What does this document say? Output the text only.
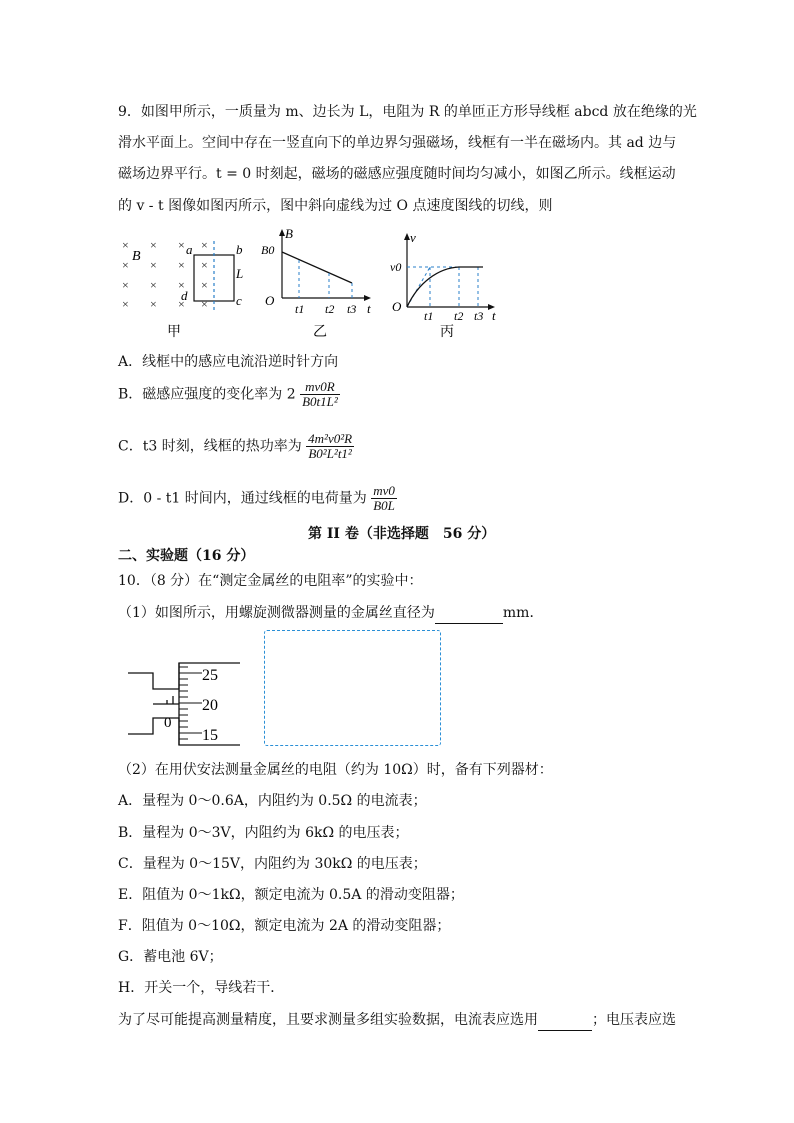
9．如图甲所示，一质量为 m、边长为 L，电阻为 R 的单匝正方形导线框 abcd 放在绝缘的光
滑水平面上。空间中存在一竖直向下的单边界匀强磁场，线框有一半在磁场内。其 ad 边与
磁场边界平行。t = 0 时刻起，磁场的磁感应强度随时间均匀减小，如图乙所示。线框运动
的 v - t 图像如图丙所示，图中斜向虚线为过 O 点速度图线的切线，则
× × × ×
× × × ×
× × × ×
× × × ×
B	a	b
c
d
L
甲
B
B0
O
t1 t2 t3 t
乙
v
v0
O
t1 t2 t3 t
丙
A．线框中的感应电流沿逆时针方向
B．磁感应强度的变化率为 $2 \frac{mv0R}{\text{B0t1L²}}$
C．t3 时刻，线框的热功率为 $\frac{\text{4m²v0²R}}{\text{B0²L²t1²}}$
D．0 - t1 时间内，通过线框的电荷量为 $\frac{mv0}{B0L}$
第 II 卷（非选择题　56 分）
二、实验题（16 分）
10．（8 分）在“测定金属丝的电阻率”的实验中：
（1）如图所示，用螺旋测微器测量的金属丝直径为	mm．
25
20
15
0
（2）在用伏安法测量金属丝的电阻（约为 10Ω）时，备有下列器材：
A．量程为 0～0.6A，内阻约为 0.5Ω 的电流表；
B．量程为 0～3V，内阻约为 6kΩ 的电压表；
C．量程为 0～15V，内阻约为 30kΩ 的电压表；
E．阻值为 0～1kΩ，额定电流为 0.5A 的滑动变阻器；
F．阻值为 0～10Ω，额定电流为 2A 的滑动变阻器；
G．蓄电池 6V；
H．开关一个，导线若干．
为了尽可能提高测量精度，且要求测量多组实验数据，电流表应选用	；电压表应选
